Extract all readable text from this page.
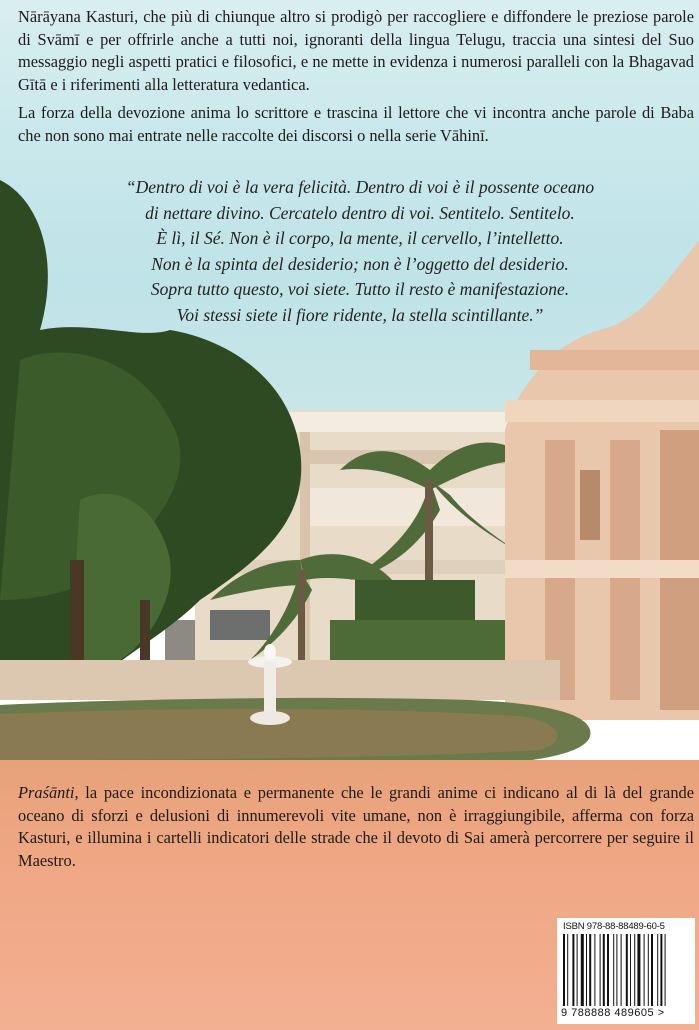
Nārāyana Kasturi, che più di chiunque altro si prodigò per raccogliere e diffondere le preziose parole di Svāmī e per offrirle anche a tutti noi, ignoranti della lingua Telugu, traccia una sintesi del Suo messaggio negli aspetti pratici e filosofici, e ne mette in evidenza i numerosi paralleli con la Bhagavad Gītā e i riferimenti alla letteratura vedantica.

La forza della devozione anima lo scrittore e trascina il lettore che vi incontra anche parole di Baba che non sono mai entrate nelle raccolte dei discorsi o nella serie Vāhinī.

“Dentro di voi è la vera felicità. Dentro di voi è il possente oceano
di nettare divino. Cercatelo dentro di voi. Sentitelo. Sentitelo.
È lì, il Sé. Non è il corpo, la mente, il cervello, l’intelletto.
Non è la spinta del desiderio; non è l’oggetto del desiderio.
Sopra tutto questo, voi siete. Tutto il resto è manifestazione.
Voi stessi siete il fiore ridente, la stella scintillante.”
Praśānti, la pace incondizionata e permanente che le grandi anime ci indicano al di là del grande oceano di sforzi e delusioni di innumerevoli vite umane, non è irraggiungibile, afferma con forza Kasturi, e illumina i cartelli indicatori delle strade che il devoto di Sai amerà percorrere per seguire il Maestro.
ISBN 978-88-88489-60-5
9 788888 489605 >
